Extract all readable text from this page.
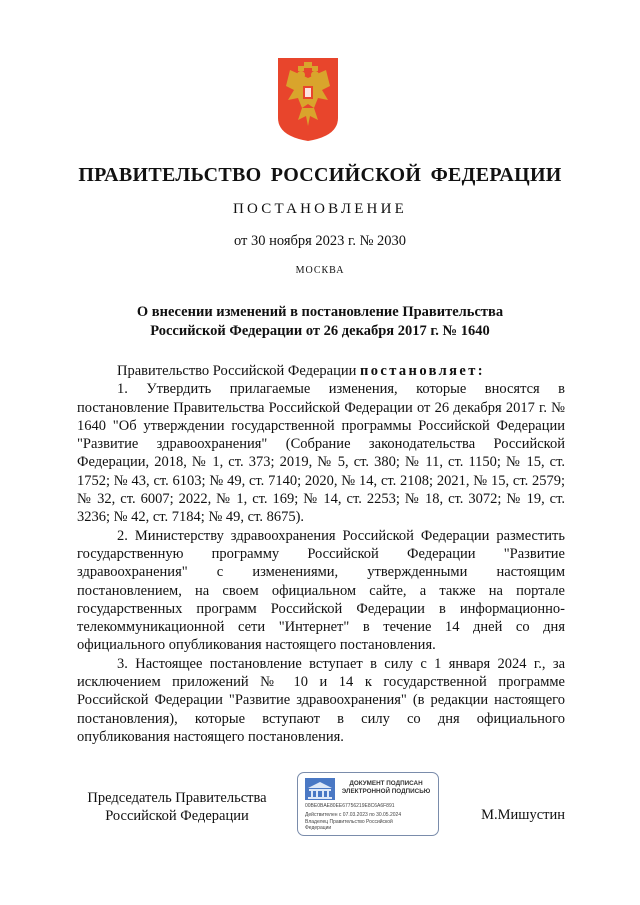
ПРАВИТЕЛЬСТВО РОССИЙСКОЙ ФЕДЕРАЦИИ
ПОСТАНОВЛЕНИЕ
от 30 ноября 2023 г. № 2030
МОСКВА
О внесении изменений в постановление Правительства
Российской Федерации от 26 декабря 2017 г. № 1640

Правительство Российской Федерации постановляет:

1. Утвердить прилагаемые изменения, которые вносятся в постановление Правительства Российской Федерации от 26 декабря 2017 г. № 1640 "Об утверждении государственной программы Российской Федерации "Развитие здравоохранения" (Собрание законодательства Российской Федерации, 2018, № 1, ст. 373; 2019, № 5, ст. 380; № 11, ст. 1150; № 15, ст. 1752; № 43, ст. 6103; № 49, ст. 7140; 2020, № 14, ст. 2108; 2021, № 15, ст. 2579; № 32, ст. 6007; 2022, № 1, ст. 169; № 14, ст. 2253; № 18, ст. 3072; № 19, ст. 3236; № 42, ст. 7184; № 49, ст. 8675).

2. Министерству здравоохранения Российской Федерации разместить государственную программу Российской Федерации "Развитие здравоохранения" с изменениями, утвержденными настоящим постановлением, на своем официальном сайте, а также на портале государственных программ Российской Федерации в информационно-телекоммуникационной сети "Интернет" в течение 14 дней со дня официального опубликования настоящего постановления.

3. Настоящее постановление вступает в силу с 1 января 2024 г., за исключением приложений № 10 и 14 к государственной программе Российской Федерации "Развитие здравоохранения" (в редакции настоящего постановления), которые вступают в силу со дня официального опубликования настоящего постановления.

Председатель Правительства
Российской Федерации
ДОКУМЕНТ ПОДПИСАН
ЭЛЕКТРОННОЙ ПОДПИСЬЮ
00BE0BAE80EE67756219E8C6A6F891
Действителен с 07.03.2023 по 30.05.2024
Владелец Правительство Российской
Федерации
М.Мишустин
